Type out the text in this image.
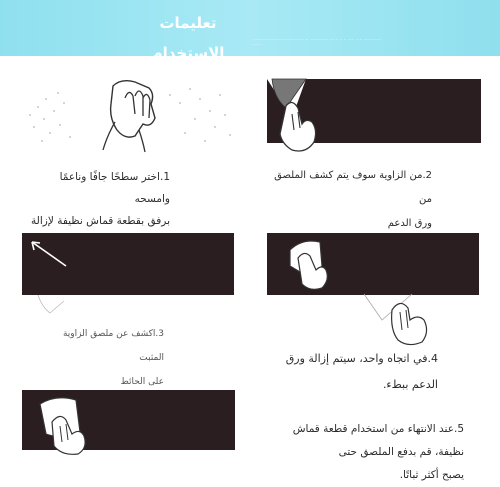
تعليمات الاستخدام
································ ·· ··········· ····· ·· ·· ···· ···· ··········· ·····
1.اختر سطحًا جافًا وناعمًا وامسحه
برفق بقطعة قماش نظيفة لإزالة
2.من الزاوية سوف يتم كشف الملصق من
ورق الدعم
3.اكشف عن ملصق الزاوية المثبت
على الحائط
4.في اتجاه واحد، سيتم إزالة ورق
الدعم ببطء.
5.عند الانتهاء من استخدام قطعة قماش
نظيفة، قم بدفع الملصق حتى
يصبح أكثر ثباتًا.
